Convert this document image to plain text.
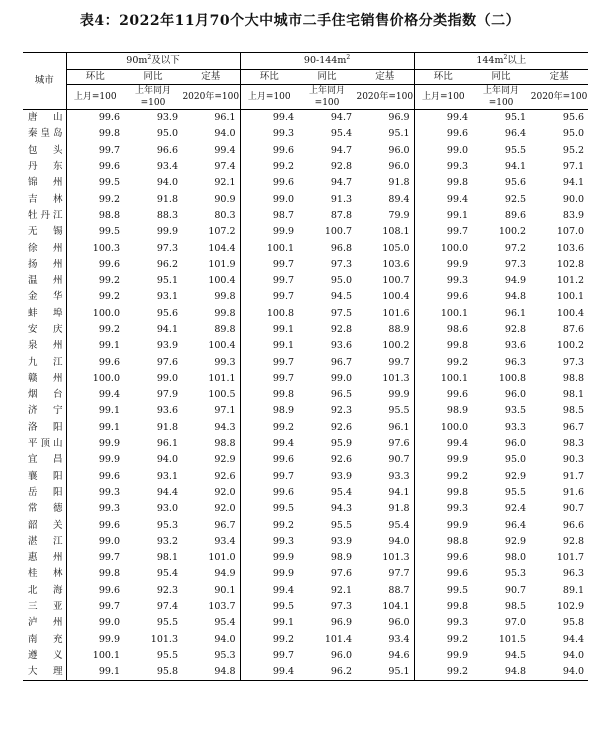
表4：2022年11月70个大中城市二手住宅销售价格分类指数（二）
城市	$90m^2$及以下			$90-144m^2$			$144m^2$以上		
	环比	同比	定基	环比	同比	定基	环比	同比	定基
	上月=100	上年同月=100	2020年=100	上月=100	上年同月=100	2020年=100	上月=100	上年同月=100	2020年=100
唐山	99.6	93.9	96.1	99.4	94.7	96.9	99.4	95.1	95.6
秦皇岛	99.8	95.0	94.0	99.3	95.4	95.1	99.6	96.4	95.0
包头	99.7	96.6	99.4	99.6	94.7	96.0	99.0	95.5	95.2
丹东	99.6	93.4	97.4	99.2	92.8	96.0	99.3	94.1	97.1
锦州	99.5	94.0	92.1	99.6	94.7	91.8	99.8	95.6	94.1
吉林	99.2	91.8	90.9	99.0	91.3	89.4	99.4	92.5	90.0
牡丹江	98.8	88.3	80.3	98.7	87.8	79.9	99.1	89.6	83.9
无锡	99.5	99.9	107.2	99.9	100.7	108.1	99.7	100.2	107.0
徐州	100.3	97.3	104.4	100.1	96.8	105.0	100.0	97.2	103.6
扬州	99.6	96.2	101.9	99.7	97.3	103.6	99.9	97.3	102.8
温州	99.2	95.1	100.4	99.7	95.0	100.7	99.3	94.9	101.2
金华	99.2	93.1	99.8	99.7	94.5	100.4	99.6	94.8	100.1
蚌埠	100.0	95.6	99.8	100.8	97.5	101.6	100.1	96.1	100.4
安庆	99.2	94.1	89.8	99.1	92.8	88.9	98.6	92.8	87.6
泉州	99.1	93.9	100.4	99.1	93.6	100.2	99.8	93.6	100.2
九江	99.6	97.6	99.3	99.7	96.7	99.7	99.2	96.3	97.3
赣州	100.0	99.0	101.1	99.7	99.0	101.3	100.1	100.8	98.8
烟台	99.4	97.9	100.5	99.8	96.5	99.9	99.6	96.0	98.1
济宁	99.1	93.6	97.1	98.9	92.3	95.5	98.9	93.5	98.5
洛阳	99.1	91.8	94.3	99.2	92.6	96.1	100.0	93.3	96.7
平顶山	99.9	96.1	98.8	99.4	95.9	97.6	99.4	96.0	98.3
宜昌	99.9	94.0	92.9	99.6	92.6	90.7	99.9	95.0	90.3
襄阳	99.6	93.1	92.6	99.7	93.9	93.3	99.2	92.9	91.7
岳阳	99.3	94.4	92.0	99.6	95.4	94.1	99.8	95.5	91.6
常德	99.3	93.0	92.0	99.5	94.3	91.8	99.3	92.4	90.7
韶关	99.6	95.3	96.7	99.2	95.5	95.4	99.9	96.4	96.6
湛江	99.0	93.2	93.4	99.3	93.9	94.0	98.8	92.9	92.8
惠州	99.7	98.1	101.0	99.9	98.9	101.3	99.6	98.0	101.7
桂林	99.8	95.4	94.9	99.9	97.6	97.7	99.6	95.3	96.3
北海	99.6	92.3	90.1	99.4	92.1	88.7	99.5	90.7	89.1
三亚	99.7	97.4	103.7	99.5	97.3	104.1	99.8	98.5	102.9
泸州	99.0	95.5	95.4	99.1	96.9	96.0	99.3	97.0	95.8
南充	99.9	101.3	94.0	99.2	101.4	93.4	99.2	101.5	94.4
遵义	100.1	95.5	95.3	99.7	96.0	94.6	99.9	94.5	94.0
大理	99.1	95.8	94.8	99.4	96.2	95.1	99.2	94.8	94.0
